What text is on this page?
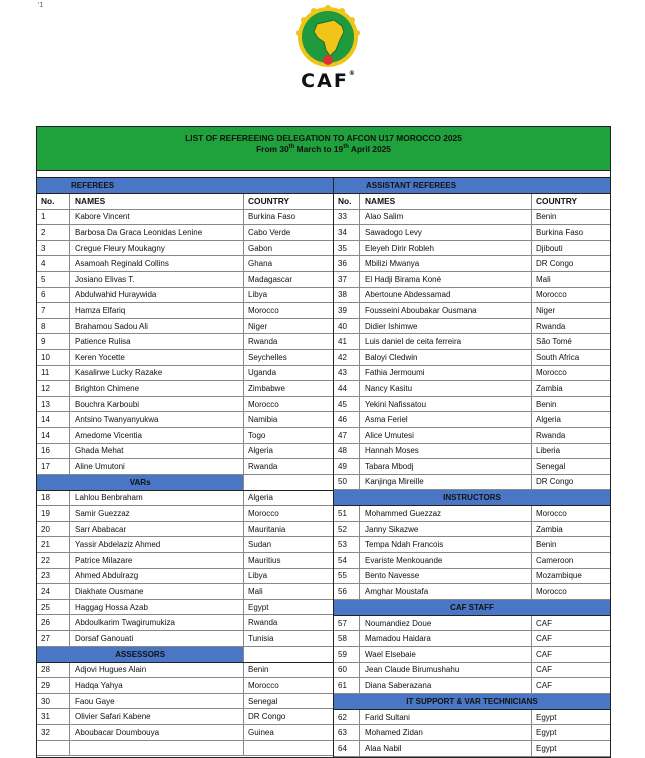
'1
CAF®
LIST OF REFEREEING DELEGATION TO AFCON U17 MOROCCO 2025
From 30th March to 19th April 2025
REFEREES
No.	NAMES	COUNTRY
1	Kabore Vincent	Burkina Faso
2	Barbosa Da Graca Leonidas Lenine	Cabo Verde
3	Cregue Fleury Moukagny	Gabon
4	Asamoah Reginald Collins	Ghana
5	Josiano Elivas T.	Madagascar
6	Abdulwahid Huraywida	Libya
7	Hamza Elfariq	Morocco
8	Brahamou Sadou Ali	Niger
9	Patience Rulisa	Rwanda
10	Keren Yocette	Seychelles
11	Kasalirwe Lucky Razake	Uganda
12	Brighton Chimene	Zimbabwe
13	Bouchra Karboubi	Morocco
14	Antsino Twanyanyukwa	Namibia
14	Amedome Vicentia	Togo
16	Ghada Mehat	Algeria
17	Aline Umutoni	Rwanda
VARs
18	Lahlou Benbraham	Algeria
19	Samir Guezzaz	Morocco
20	Sarr Ababacar	Mauritania
21	Yassir Abdelaziz Ahmed	Sudan
22	Patrice Milazare	Mauritius
23	Ahmed Abdulrazg	Libya
24	Diakhate Ousmane	Mali
25	Haggag Hossa Azab	Egypt
26	Abdoulkarim Twagirumukiza	Rwanda
27	Dorsaf Ganouati	Tunisia
ASSESSORS
28	Adjovi Hugues Alain	Benin
29	Hadqa Yahya	Morocco
30	Faou Gaye	Senegal
31	Olivier Safari Kabene	DR Congo
32	Aboubacar Doumbouya	Guinea
ASSISTANT REFEREES
No.	NAMES	COUNTRY
33	Alao Salim	Benin
34	Sawadogo Levy	Burkina Faso
35	Eleyeh Dirir Robleh	Djibouti
36	Mbilizi Mwanya	DR Congo
37	El Hadji Birama Koné	Mali
38	Abertoune Abdessamad	Morocco
39	Fousseini Aboubakar Ousmana	Niger
40	Didier Ishimwe	Rwanda
41	Luis daniel de ceita ferreira	São Tomé
42	Baloyi Cledwin	South Africa
43	Fathia Jermoumi	Morocco
44	Nancy Kasitu	Zambia
45	Yekini Nafissatou	Benin
46	Asma Feriel	Algeria
47	Alice Umutesi	Rwanda
48	Hannah Moses	Liberia
49	Tabara Mbodj	Senegal
50	Kanjinga Mireille	DR Congo
INSTRUCTORS
51	Mohammed Guezzaz	Morocco
52	Janny Sikazwe	Zambia
53	Tempa Ndah Francois	Benin
54	Evariste Menkouande	Cameroon
55	Bento Navesse	Mozambique
56	Amghar Moustafa	Morocco
CAF STAFF
57	Noumandiez Doue	CAF
58	Mamadou Haidara	CAF
59	Wael Elsebaie	CAF
60	Jean Claude Birumushahu	CAF
61	Diana Saberazana	CAF
IT SUPPORT & VAR TECHNICIANS
62	Farid Sultani	Egypt
63	Mohamed Zidan	Egypt
64	Alaa Nabil	Egypt
